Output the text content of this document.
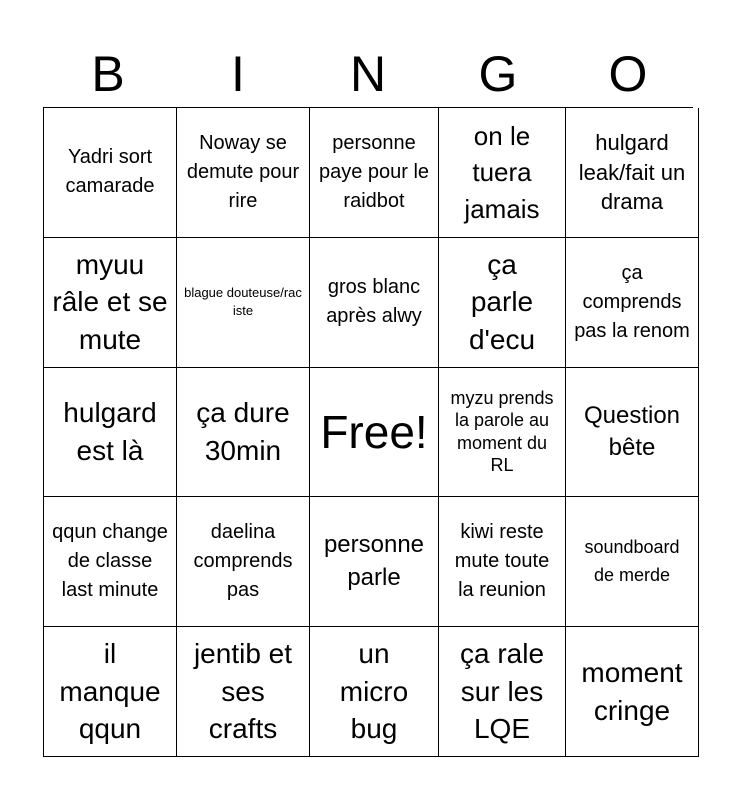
B	I	N	G	O
Yadri sort camarade
Noway se demute pour rire
personne paye pour le raidbot
on le tuera jamais
hulgard leak/fait un drama
myuu râle et se mute
blague douteuse/raciste
gros blanc après alwy
ça parle d'ecu
ça comprends pas la renom
hulgard est là
ça dure 30min Free!
myzu prends la parole au moment du RL
Question bête
qqun change de classe last minute
daelina comprends pas
personne parle
kiwi reste mute toute la reunion
soundboard de merde
il manque qqun
jentib et ses crafts
un micro bug
ça rale sur les LQE
moment cringe
